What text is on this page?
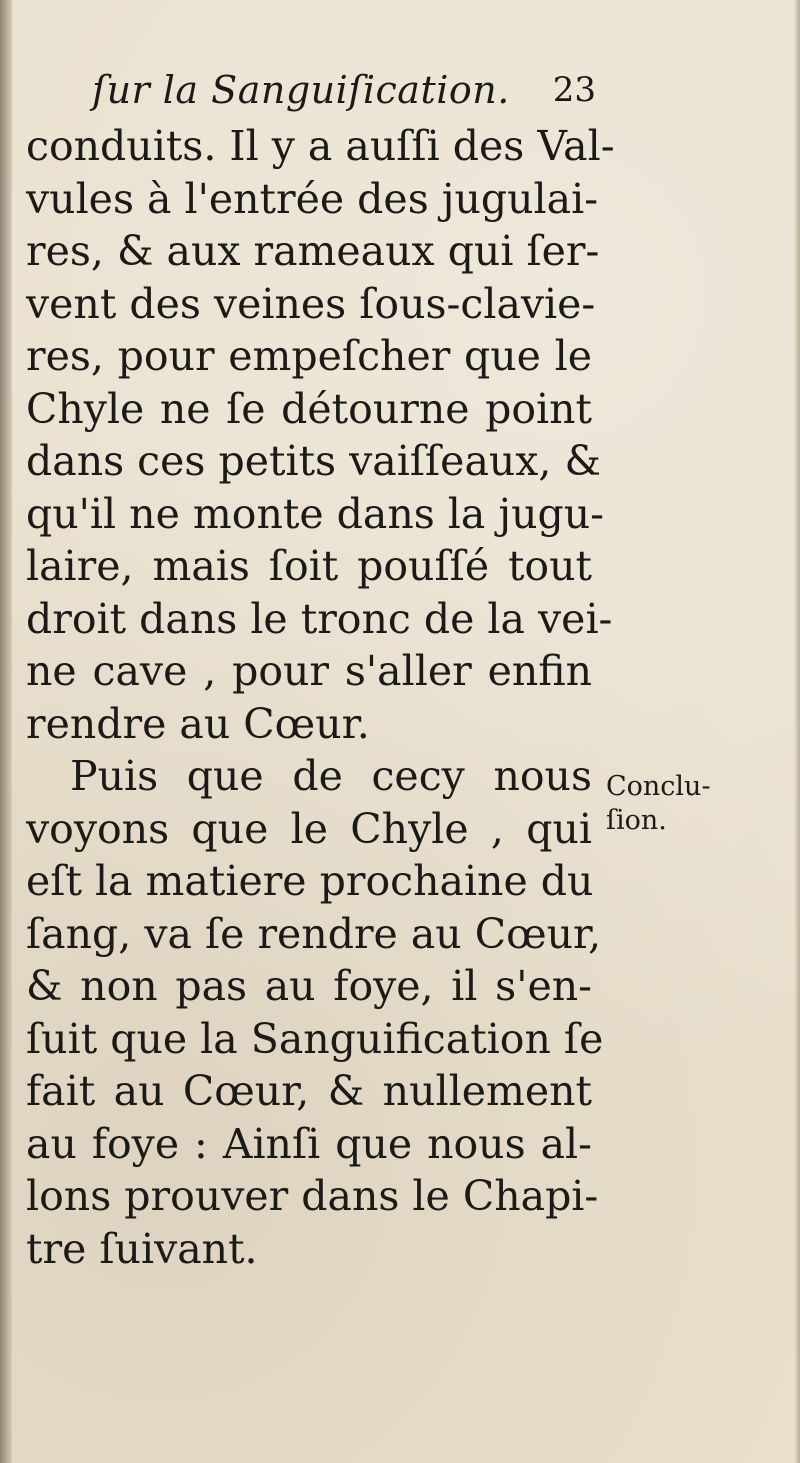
ſur la Sanguiſication. 23
conduits. Il y a auſſi des Val-
vules à l'entrée des jugulai-
res, & aux rameaux qui ſer-
vent des veines ſous-clavie-
res, pour empeſcher que le
Chyle ne ſe détourne point
dans ces petits vaiſſeaux, &
qu'il ne monte dans la jugu-
laire, mais ſoit pouſſé tout
droit dans le tronc de la vei-
ne cave , pour s'aller enfin
rendre au Cœur.
Puis que de cecy nous
voyons que le Chyle , qui
eſt la matiere prochaine du
ſang, va ſe rendre au Cœur,
& non pas au foye, il s'en-
ſuit que la Sanguification ſe
fait au Cœur, & nullement
au foye : Ainſi que nous al-
lons prouver dans le Chapi-
tre ſuivant.
Conclu-
ſion.
